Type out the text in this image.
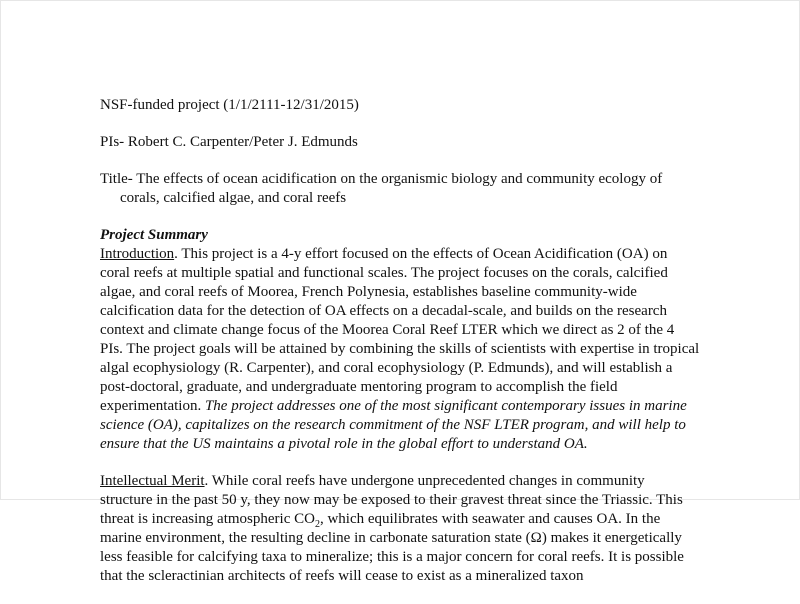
NSF-funded project (1/1/2111-12/31/2015)

PIs- Robert C. Carpenter/Peter J. Edmunds

Title- The effects of ocean acidification on the organismic biology and community ecology of corals, calcified algae, and coral reefs

Project Summary

Introduction. This project is a 4-y effort focused on the effects of Ocean Acidification (OA) on coral reefs at multiple spatial and functional scales. The project focuses on the corals, calcified algae, and coral reefs of Moorea, French Polynesia, establishes baseline community-wide calcification data for the detection of OA effects on a decadal-scale, and builds on the research context and climate change focus of the Moorea Coral Reef LTER which we direct as 2 of the 4 PIs. The project goals will be attained by combining the skills of scientists with expertise in tropical algal ecophysiology (R. Carpenter), and coral ecophysiology (P. Edmunds), and will establish a post-doctoral, graduate, and undergraduate mentoring program to accomplish the field experimentation. The project addresses one of the most significant contemporary issues in marine science (OA), capitalizes on the research commitment of the NSF LTER program, and will help to ensure that the US maintains a pivotal role in the global effort to understand OA.

Intellectual Merit. While coral reefs have undergone unprecedented changes in community structure in the past 50 y, they now may be exposed to their gravest threat since the Triassic. This threat is increasing atmospheric $CO_2$, which equilibrates with seawater and causes OA. In the marine environment, the resulting decline in carbonate saturation state (Ω) makes it energetically less feasible for calcifying taxa to mineralize; this is a major concern for coral reefs. It is possible that the scleractinian architects of reefs will cease to exist as a mineralized taxon
